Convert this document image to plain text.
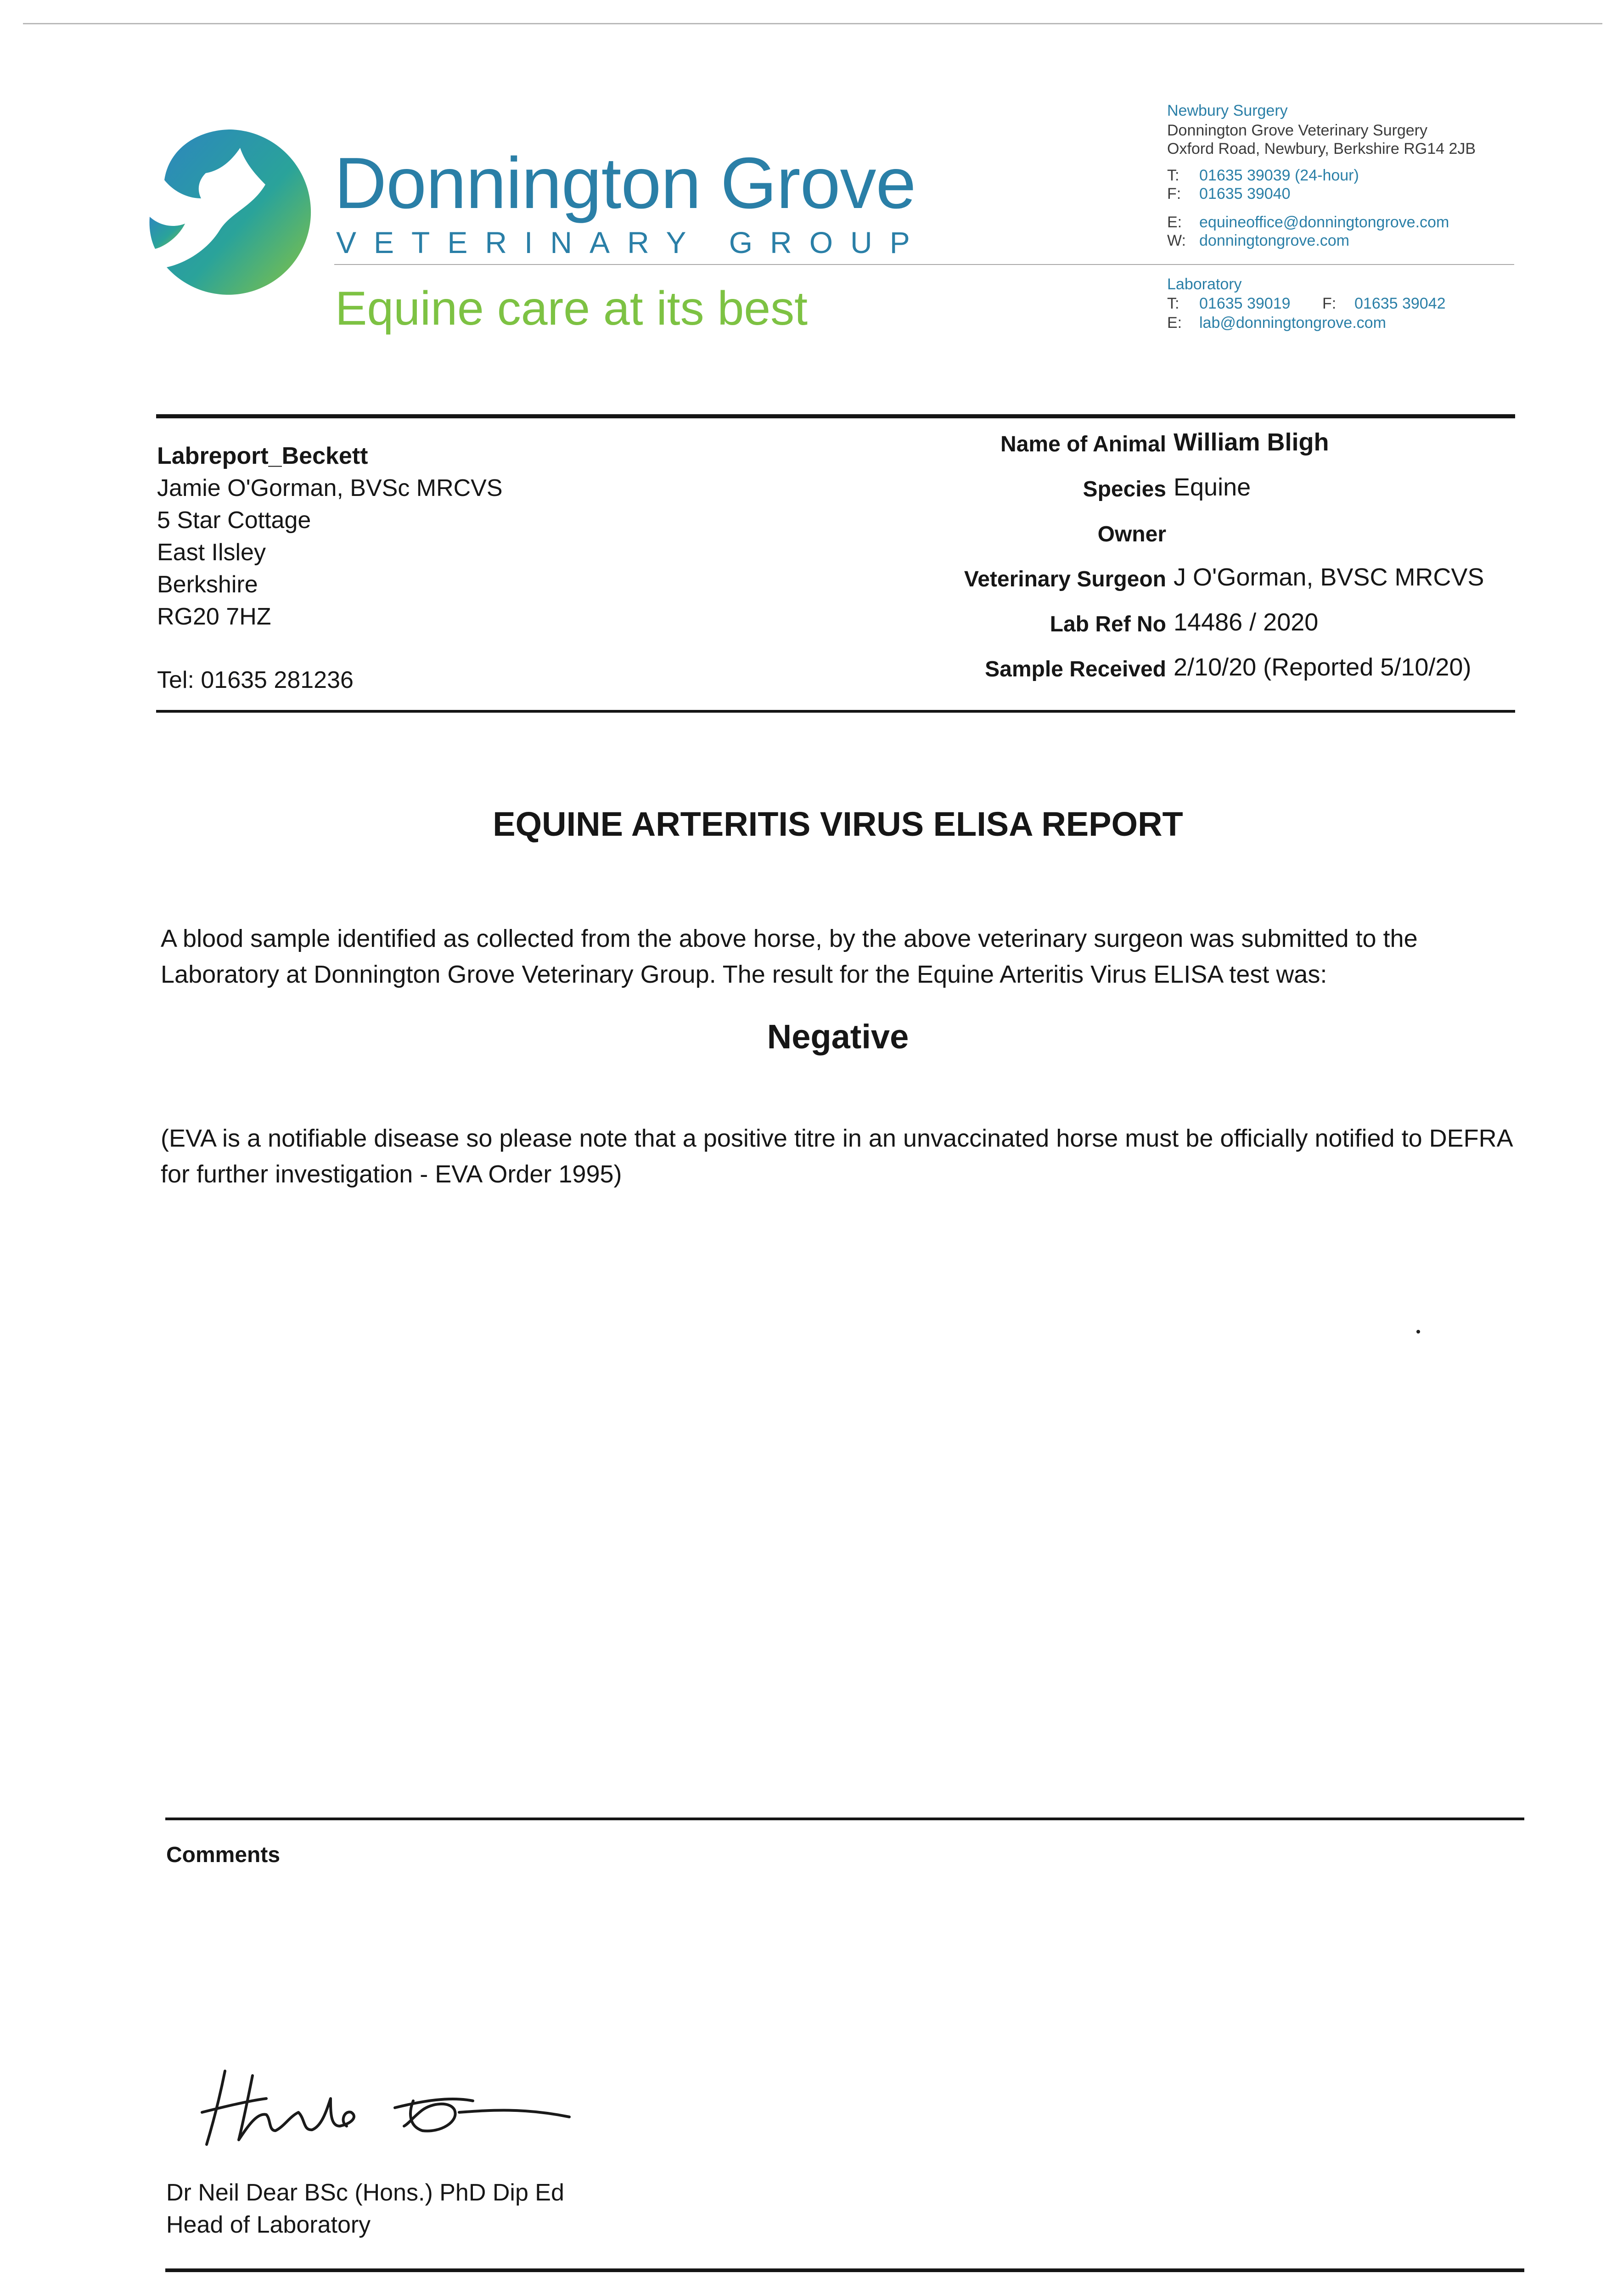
Donnington Grove
VETERINARY GROUP
Equine care at its best
Newbury Surgery
Donnington Grove Veterinary Surgery
Oxford Road, Newbury, Berkshire RG14 2JB
T: 01635 39039 (24-hour)
F: 01635 39040
E: equineoffice@donningtongrove.com
W: donningtongrove.com
Laboratory
T: 01635 39019 F: 01635 39042
E: lab@donningtongrove.com
Labreport_Beckett
Jamie O'Gorman, BVSc MRCVS
5 Star Cottage
East Ilsley
Berkshire
RG20 7HZ
Tel: 01635 281236
Name of Animal William Bligh
Species Equine
Owner
Veterinary Surgeon J O'Gorman, BVSC MRCVS
Lab Ref No 14486 / 2020
Sample Received 2/10/20 (Reported 5/10/20)
EQUINE ARTERITIS VIRUS ELISA REPORT
A blood sample identified as collected from the above horse, by the above veterinary surgeon was submitted to the Laboratory at Donnington Grove Veterinary Group. The result for the Equine Arteritis Virus ELISA test was:
Negative
(EVA is a notifiable disease so please note that a positive titre in an unvaccinated horse must be officially notified to DEFRA for further investigation - EVA Order 1995)
Comments
Dr Neil Dear BSc (Hons.) PhD Dip Ed
Head of Laboratory
